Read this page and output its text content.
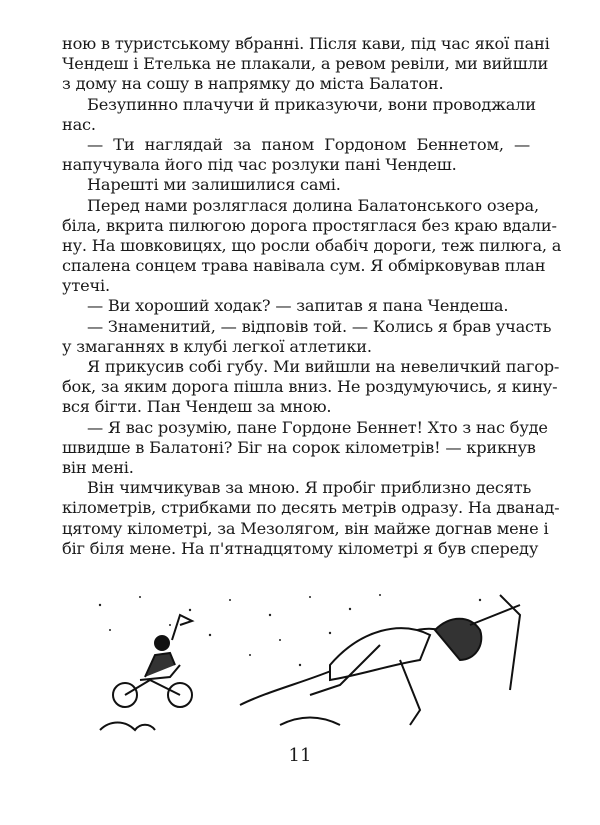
ною в туристському вбранні. Після кави, під час якої пані
Чендеш і Етелька не плакали, а ревом ревіли, ми вийшли
з дому на сошу в напрямку до міста Балатон.
Безупинно плачучи й приказуючи, вони проводжали
нас.
— Ти наглядай за паном Гордоном Беннетом, —
напучувала його під час розлуки пані Чендеш.
Нарешті ми залишилися самі.
Перед нами розляглася долина Балатонського озера,
біла, вкрита пилюгою дорога простяглася без краю вдали-
ну. На шовковицях, що росли обабіч дороги, теж пилюга, а
спалена сонцем трава навівала сум. Я обмірковував план
утечі.
— Ви хороший ходак? — запитав я пана Чендеша.
— Знаменитий, — відповів той. — Колись я брав участь
у змаганнях в клубі легкої атлетики.
Я прикусив собі губу. Ми вийшли на невеличкий пагор-
бок, за яким дорога пішла вниз. Не роздумуючись, я кину-
вся бігти. Пан Чендеш за мною.
— Я вас розумію, пане Гордоне Беннет! Хто з нас буде
швидше в Балатоні? Біг на сорок кілометрів! — крикнув
він мені.
Він чимчикував за мною. Я пробіг приблизно десять
кілометрів, стрибками по десять метрів одразу. На дванад-
цятому кілометрі, за Мезолягом, він майже догнав мене і
біг біля мене. На п'ятнадцятому кілометрі я був спереду
11
